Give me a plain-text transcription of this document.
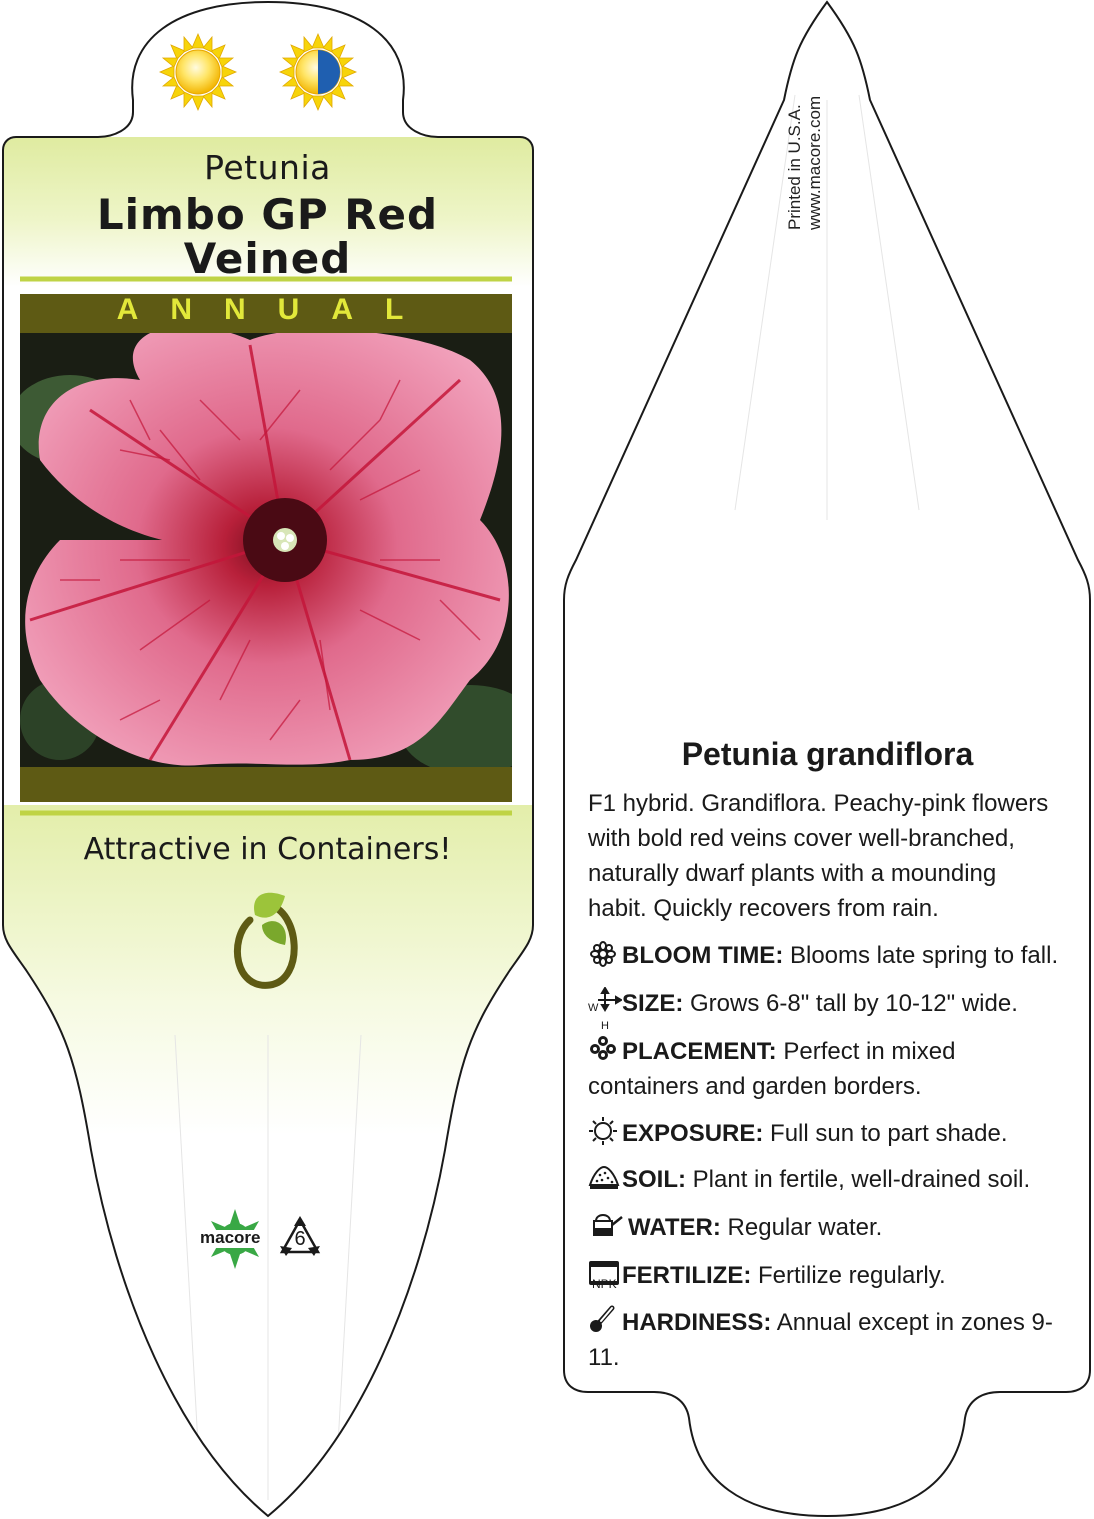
Petunia
Limbo GP Red
Veined
ANNUAL
Attractive in Containers!
macore 6
Printed in U.S.A. www.macore.com
Petunia grandiflora
F1 hybrid. Grandiflora. Peachy-pink flowers with bold red veins cover well-branched, naturally dwarf plants with a mounding habit. Quickly recovers from rain.
BLOOM TIME: Blooms late spring to fall.
W
H
SIZE: Grows 6-8" tall by 10-12" wide.
PLACEMENT: Perfect in mixed containers and garden borders.
EXPOSURE: Full sun to part shade.
SOIL: Plant in fertile, well-drained soil.
WATER: Regular water.
NPK FERTILIZE: Fertilize regularly.
HARDINESS: Annual except in zones 9-11.
